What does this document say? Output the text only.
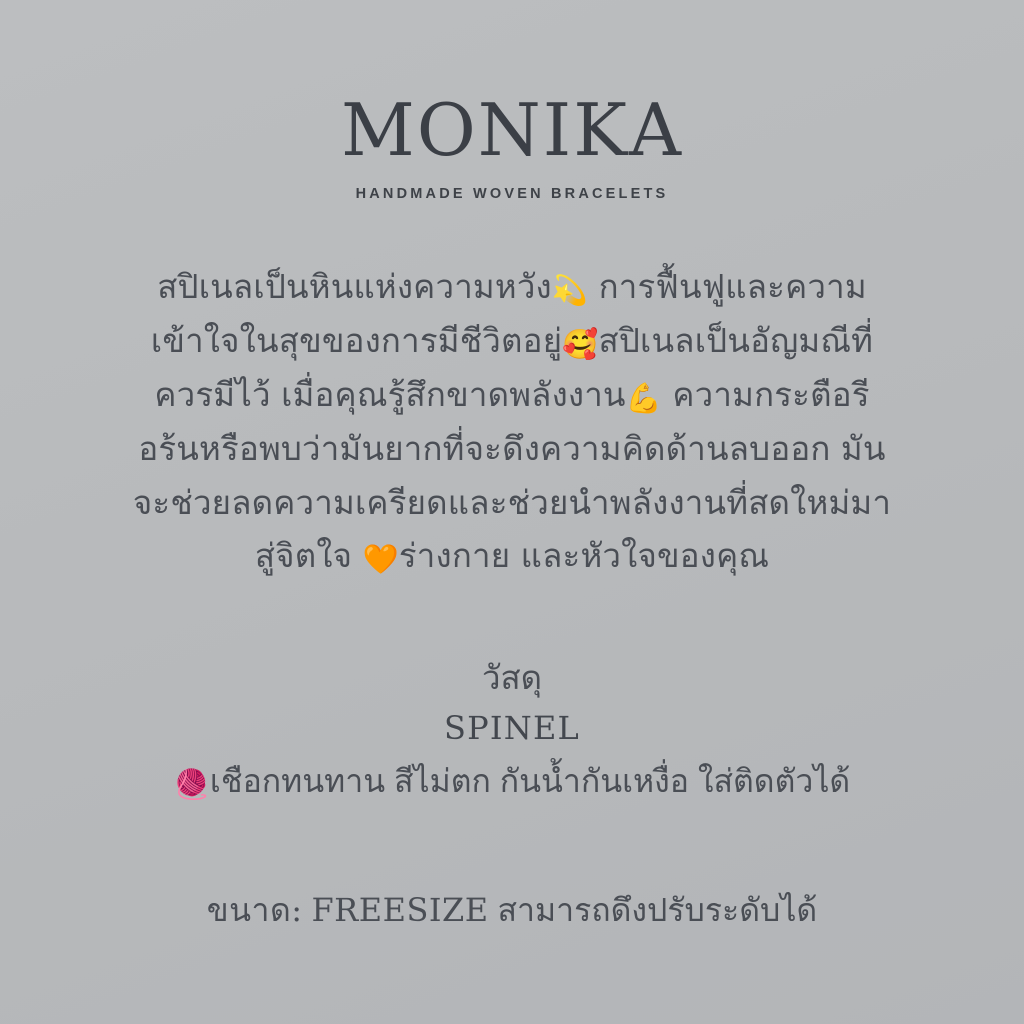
MONIKA
HANDMADE WOVEN BRACELETS
สปิเนลเป็นหินแห่งความหวัง💫 การฟื้นฟูและความเข้าใจในสุขของการมีชีวิตอยู่🥰สปิเนลเป็นอัญมณีที่ควรมีไว้ เมื่อคุณรู้สึกขาดพลังงาน💪 ความกระตือรีอร้นหรือพบว่ามันยากที่จะดึงความคิดด้านลบออก มันจะช่วยลดความเครียดและช่วยนำพลังงานที่สดใหม่มาสู่จิตใจ 🧡ร่างกาย และหัวใจของคุณ
วัสดุ
SPINEL
🧶เชือกทนทาน สีไม่ตก กันน้ำกันเหงื่อ ใส่ติดตัวได้
ขนาด: FREESIZE สามารถดึงปรับระดับได้
